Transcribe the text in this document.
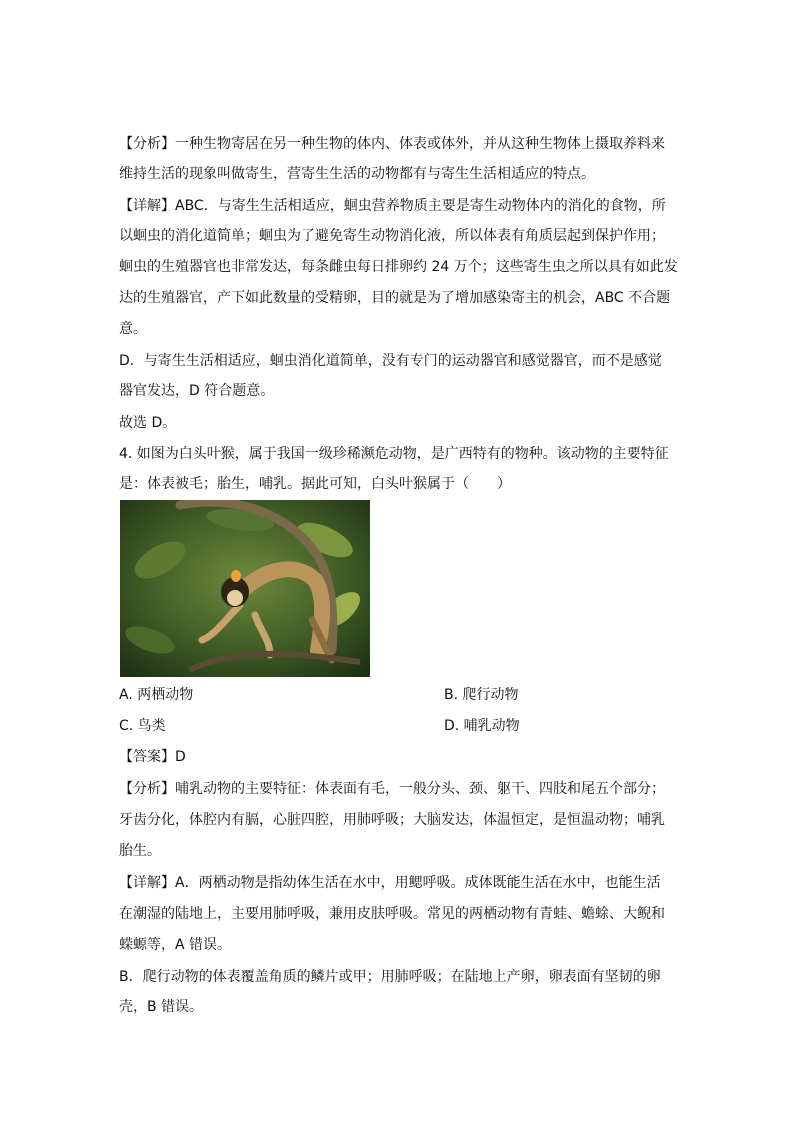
【分析】一种生物寄居在另一种生物的体内、体表或体外，并从这种生物体上摄取养料来
维持生活的现象叫做寄生，营寄生生活的动物都有与寄生生活相适应的特点。
【详解】ABC．与寄生生活相适应，蛔虫营养物质主要是寄生动物体内的消化的食物，所
以蛔虫的消化道简单；蛔虫为了避免寄生动物消化液，所以体表有角质层起到保护作用；
蛔虫的生殖器官也非常发达，每条雌虫每日排卵约 24 万个；这些寄生虫之所以具有如此发
达的生殖器官，产下如此数量的受精卵，目的就是为了增加感染寄主的机会，ABC 不合题
意。
D．与寄生生活相适应，蛔虫消化道简单，没有专门的运动器官和感觉器官，而不是感觉
器官发达，D 符合题意。
故选 D。
4. 如图为白头叶猴，属于我国一级珍稀濒危动物，是广西特有的物种。该动物的主要特征
是：体表被毛；胎生，哺乳。据此可知，白头叶猴属于（　　）
A. 两栖动物	B. 爬行动物
C. 鸟类	D. 哺乳动物
【答案】D
【分析】哺乳动物的主要特征：体表面有毛，一般分头、颈、躯干、四肢和尾五个部分；
牙齿分化，体腔内有膈，心脏四腔，用肺呼吸；大脑发达，体温恒定，是恒温动物；哺乳
胎生。
【详解】A．两栖动物是指幼体生活在水中，用鳃呼吸。成体既能生活在水中，也能生活
在潮湿的陆地上，主要用肺呼吸，兼用皮肤呼吸。常见的两栖动物有青蛙、蟾蜍、大鲵和
蝾螈等，A 错误。
B．爬行动物的体表覆盖角质的鳞片或甲；用肺呼吸；在陆地上产卵，卵表面有坚韧的卵
壳，B 错误。
